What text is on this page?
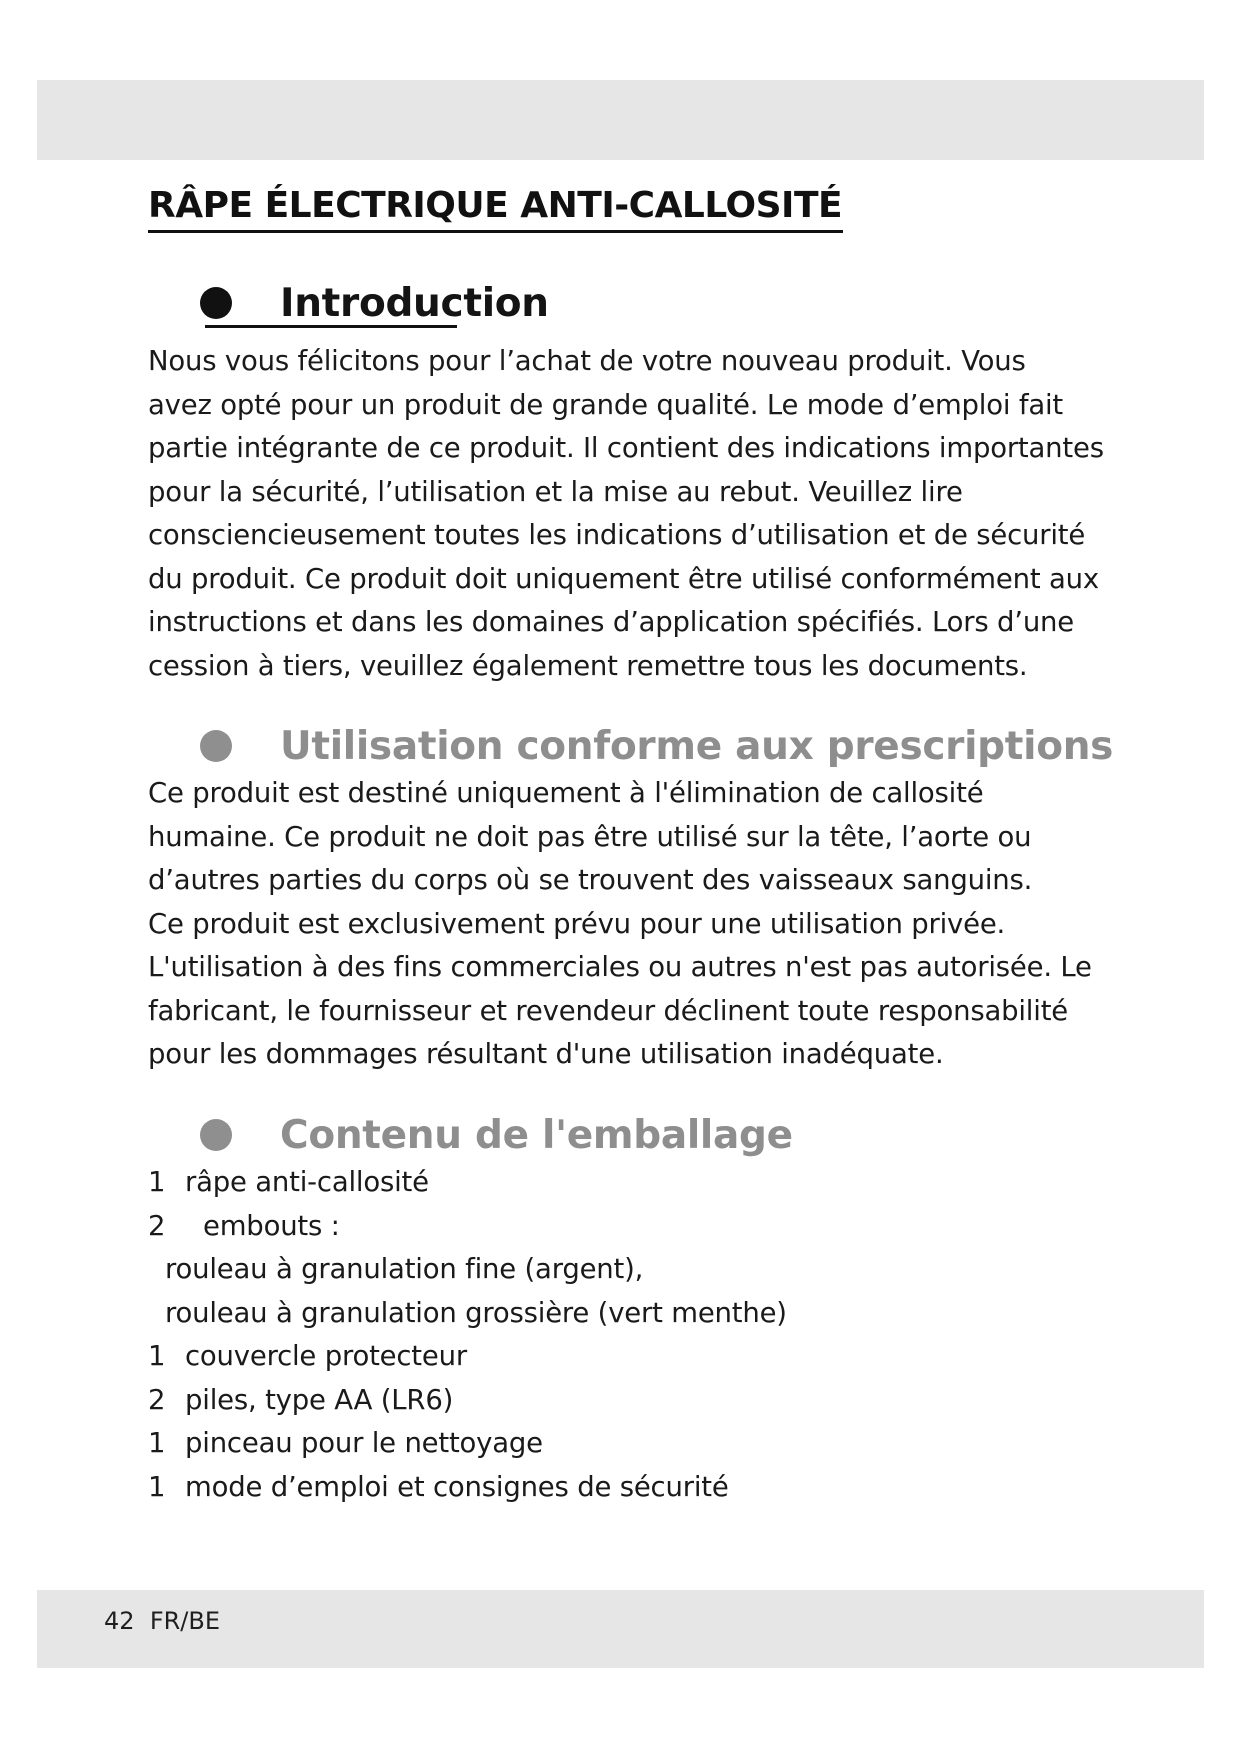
RÂPE ÉLECTRIQUE ANTI-CALLOSITÉ
Introduction

Nous vous félicitons pour l’achat de votre nouveau produit. Vous
avez opté pour un produit de grande qualité. Le mode d’emploi fait
partie intégrante de ce produit. Il contient des indications importantes
pour la sécurité, l’utilisation et la mise au rebut. Veuillez lire
consciencieusement toutes les indications d’utilisation et de sécurité
du produit. Ce produit doit uniquement être utilisé conformément aux
instructions et dans les domaines d’application spécifiés. Lors d’une
cession à tiers, veuillez également remettre tous les documents.

Utilisation conforme aux prescriptions

Ce produit est destiné uniquement à l'élimination de callosité
humaine. Ce produit ne doit pas être utilisé sur la tête, l’aorte ou
d’autres parties du corps où se trouvent des vaisseaux sanguins.
Ce produit est exclusivement prévu pour une utilisation privée.
L'utilisation à des fins commerciales ou autres n'est pas autorisée. Le
fabricant, le fournisseur et revendeur déclinent toute responsabilité
pour les dommages résultant d'une utilisation inadéquate.

Contenu de l'emballage
1 râpe anti-callosité
2 embouts :
rouleau à granulation fine (argent),
rouleau à granulation grossière (vert menthe)
1 couvercle protecteur
2 piles, type AA (LR6)
1 pinceau pour le nettoyage
1 mode d’emploi et consignes de sécurité
42 FR/BE
